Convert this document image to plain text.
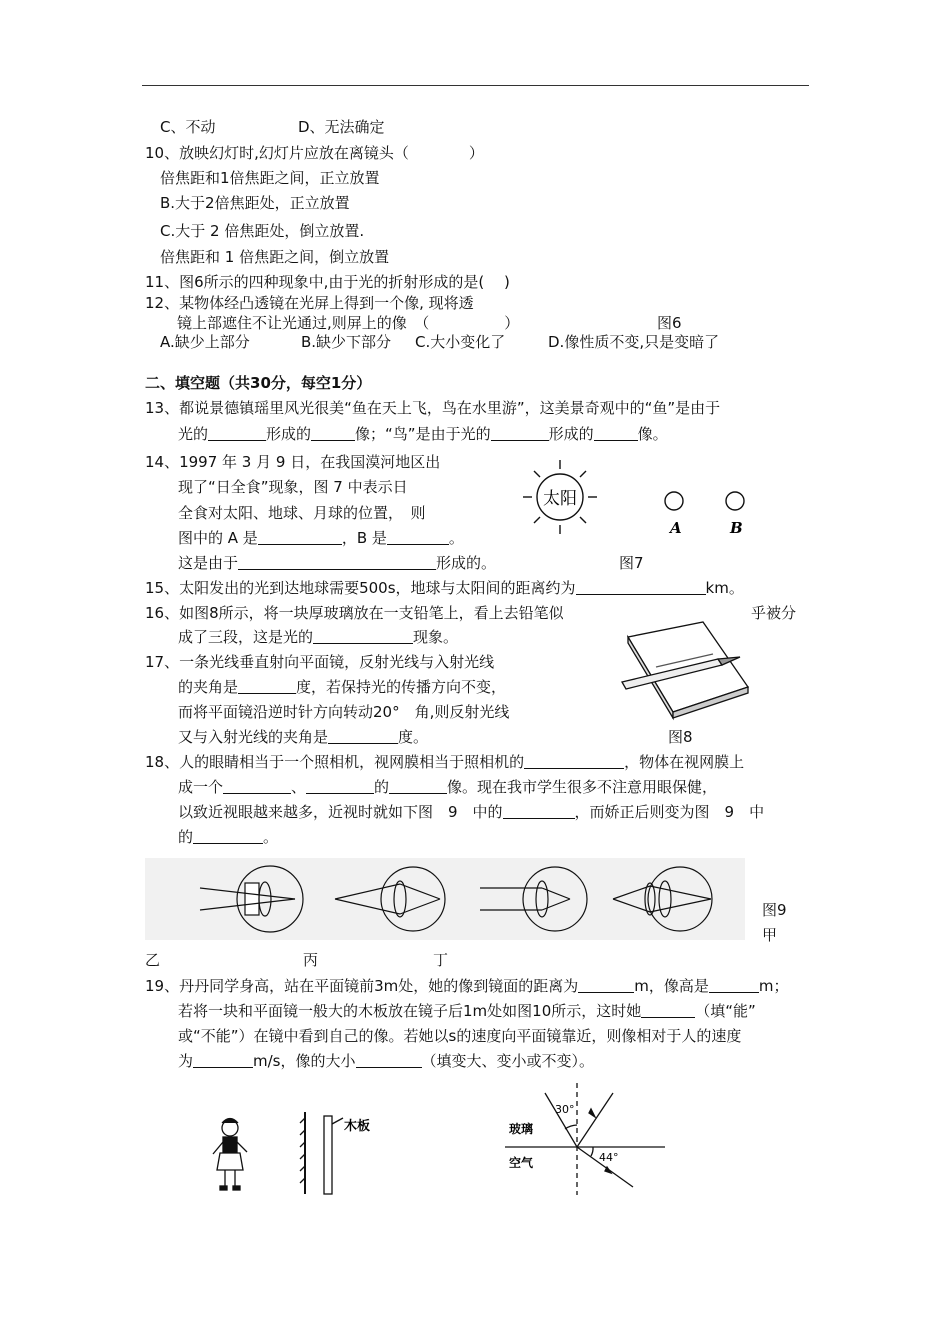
C、不动	D、无法确定
10、放映幻灯时,幻灯片应放在离镜头（　　　　）
倍焦距和1倍焦距之间，正立放置
B.大于2倍焦距处，正立放置
C.大于 2 倍焦距处，倒立放置.
倍焦距和 1 倍焦距之间，倒立放置
11、图6所示的四种现象中,由于光的折射形成的是(　 )
12、某物体经凸透镜在光屏上得到一个像, 现将透
镜上部遮住不让光通过,则屏上的像　（　　　　　）	图6
A.缺少上部分	B.缺少下部分 C.大小变化了	D.像性质不变,只是变暗了
二、填空题（共30分，每空1分）
13、都说景德镇瑶里风光很美“鱼在天上飞，鸟在水里游”，这美景奇观中的“鱼”是由于
光的	形成的	像；“鸟”是由于光的	形成的	像。
14、1997 年 3 月 9 日，在我国漠河地区出
现了“日全食”现象，图 7 中表示日
全食对太阳、地球、月球的位置，　则
图中的 A 是	，B 是	。
这是由于	形成的。	图7
太阳
A	B
15、太阳发出的光到达地球需要500s，地球与太阳间的距离约为	km。
16、如图8所示，将一块厚玻璃放在一支铅笔上，看上去铅笔似	乎被分
成了三段，这是光的	现象。
17、一条光线垂直射向平面镜，反射光线与入射光线
的夹角是	度，若保持光的传播方向不变，
而将平面镜沿逆时针方向转动20°　角,则反射光线
又与入射光线的夹角是	度。	图8
18、人的眼睛相当于一个照相机，视网膜相当于照相机的	，物体在视网膜上
成一个	、	的	像。现在我市学生很多不注意用眼保健，
以致近视眼越来越多，近视时就如下图　9　中的	，而娇正后则变为图　9　中
的	。
图9
甲
乙	丙	丁
19、丹丹同学身高，站在平面镜前3m处，她的像到镜面的距离为	m，像高是	m；
若将一块和平面镜一般大的木板放在镜子后1m处如图10所示，这时她	（填“能”
或“不能”）在镜中看到自己的像。若她以s的速度向平面镜靠近，则像相对于人的速度
为	m/s，像的大小	（填变大、变小或不变）。
木板	玻璃
空气
30°
44°
